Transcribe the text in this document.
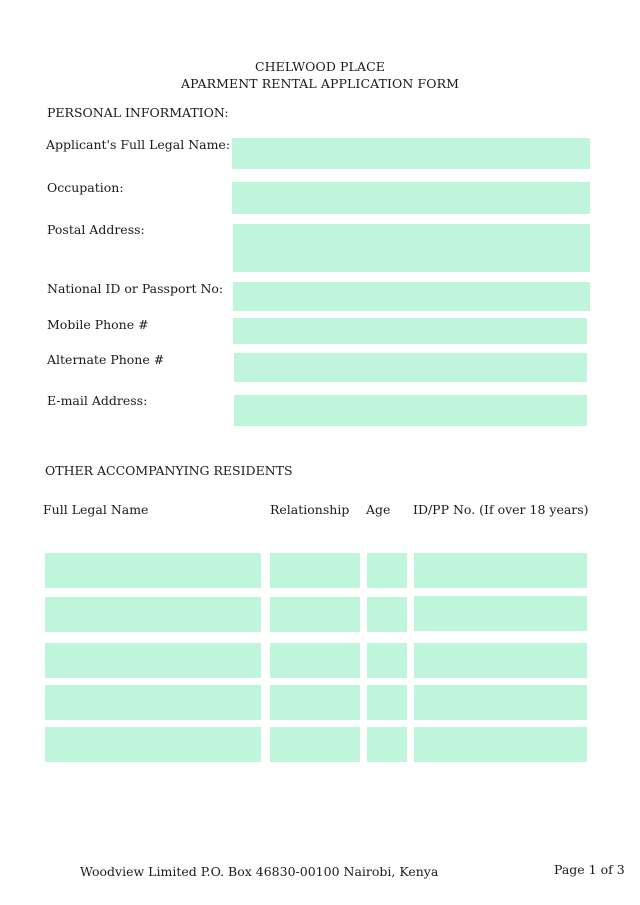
CHELWOOD PLACE
APARMENT RENTAL APPLICATION FORM
PERSONAL INFORMATION:
Applicant's Full Legal Name:
Occupation:
Postal Address:
National ID or Passport No:
Mobile Phone #
Alternate Phone #
E-mail Address:
OTHER ACCOMPANYING RESIDENTS
Full Legal Name	Relationship Age ID/PP No. (If over 18 years)
Woodview Limited P.O. Box 46830-00100 Nairobi, Kenya	Page 1 of 3
